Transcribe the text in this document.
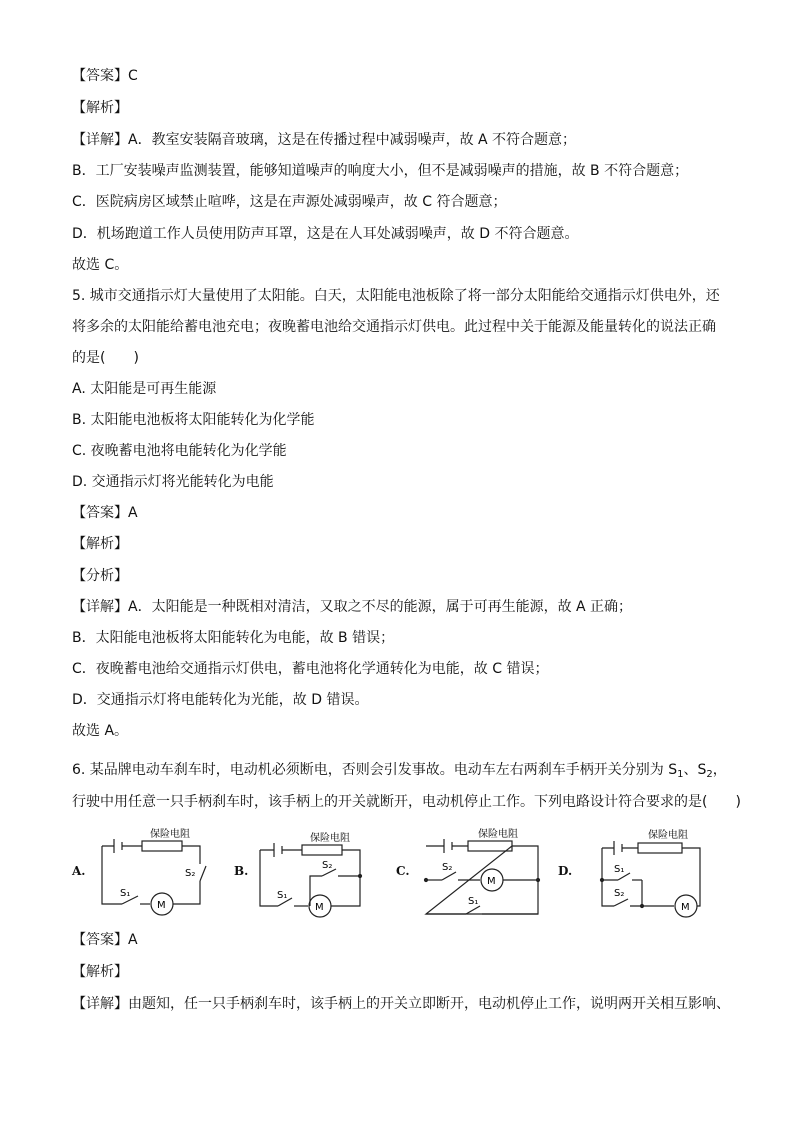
【答案】C
【解析】
【详解】A．教室安装隔音玻璃，这是在传播过程中减弱噪声，故 A 不符合题意；
B．工厂安装噪声监测装置，能够知道噪声的响度大小，但不是减弱噪声的措施，故 B 不符合题意；
C．医院病房区域禁止喧哗，这是在声源处减弱噪声，故 C 符合题意；
D．机场跑道工作人员使用防声耳罩，这是在人耳处减弱噪声，故 D 不符合题意。
故选 C。
5. 城市交通指示灯大量使用了太阳能。白天，太阳能电池板除了将一部分太阳能给交通指示灯供电外，还
将多余的太阳能给蓄电池充电；夜晚蓄电池给交通指示灯供电。此过程中关于能源及能量转化的说法正确
的是(　　)
A. 太阳能是可再生能源
B. 太阳能电池板将太阳能转化为化学能
C. 夜晚蓄电池将电能转化为化学能
D. 交通指示灯将光能转化为电能
【答案】A
【解析】
【分析】
【详解】A．太阳能是一种既相对清洁，又取之不尽的能源，属于可再生能源，故 A 正确；
B．太阳能电池板将太阳能转化为电能，故 B 错误；
C．夜晚蓄电池给交通指示灯供电，蓄电池将化学通转化为电能，故 C 错误；
D．交通指示灯将电能转化为光能，故 D 错误。
故选 A。
6. 某品牌电动车刹车时，电动机必须断电，否则会引发事故。电动车左右两刹车手柄开关分别为 $S_1$、$S_2$，
行驶中用任意一只手柄刹车时，该手柄上的开关就断开，电动机停止工作。下列电路设计符合要求的是(　　)
A.
保险电阻
S₂
S₁
M
B.
保险电阻
S₂
S₁
M
C.
保险电阻
S₂
S₁
M
D.
保险电阻
S₁
S₂
M
【答案】A
【解析】
【详解】由题知，任一只手柄刹车时，该手柄上的开关立即断开，电动机停止工作，说明两开关相互影响、
